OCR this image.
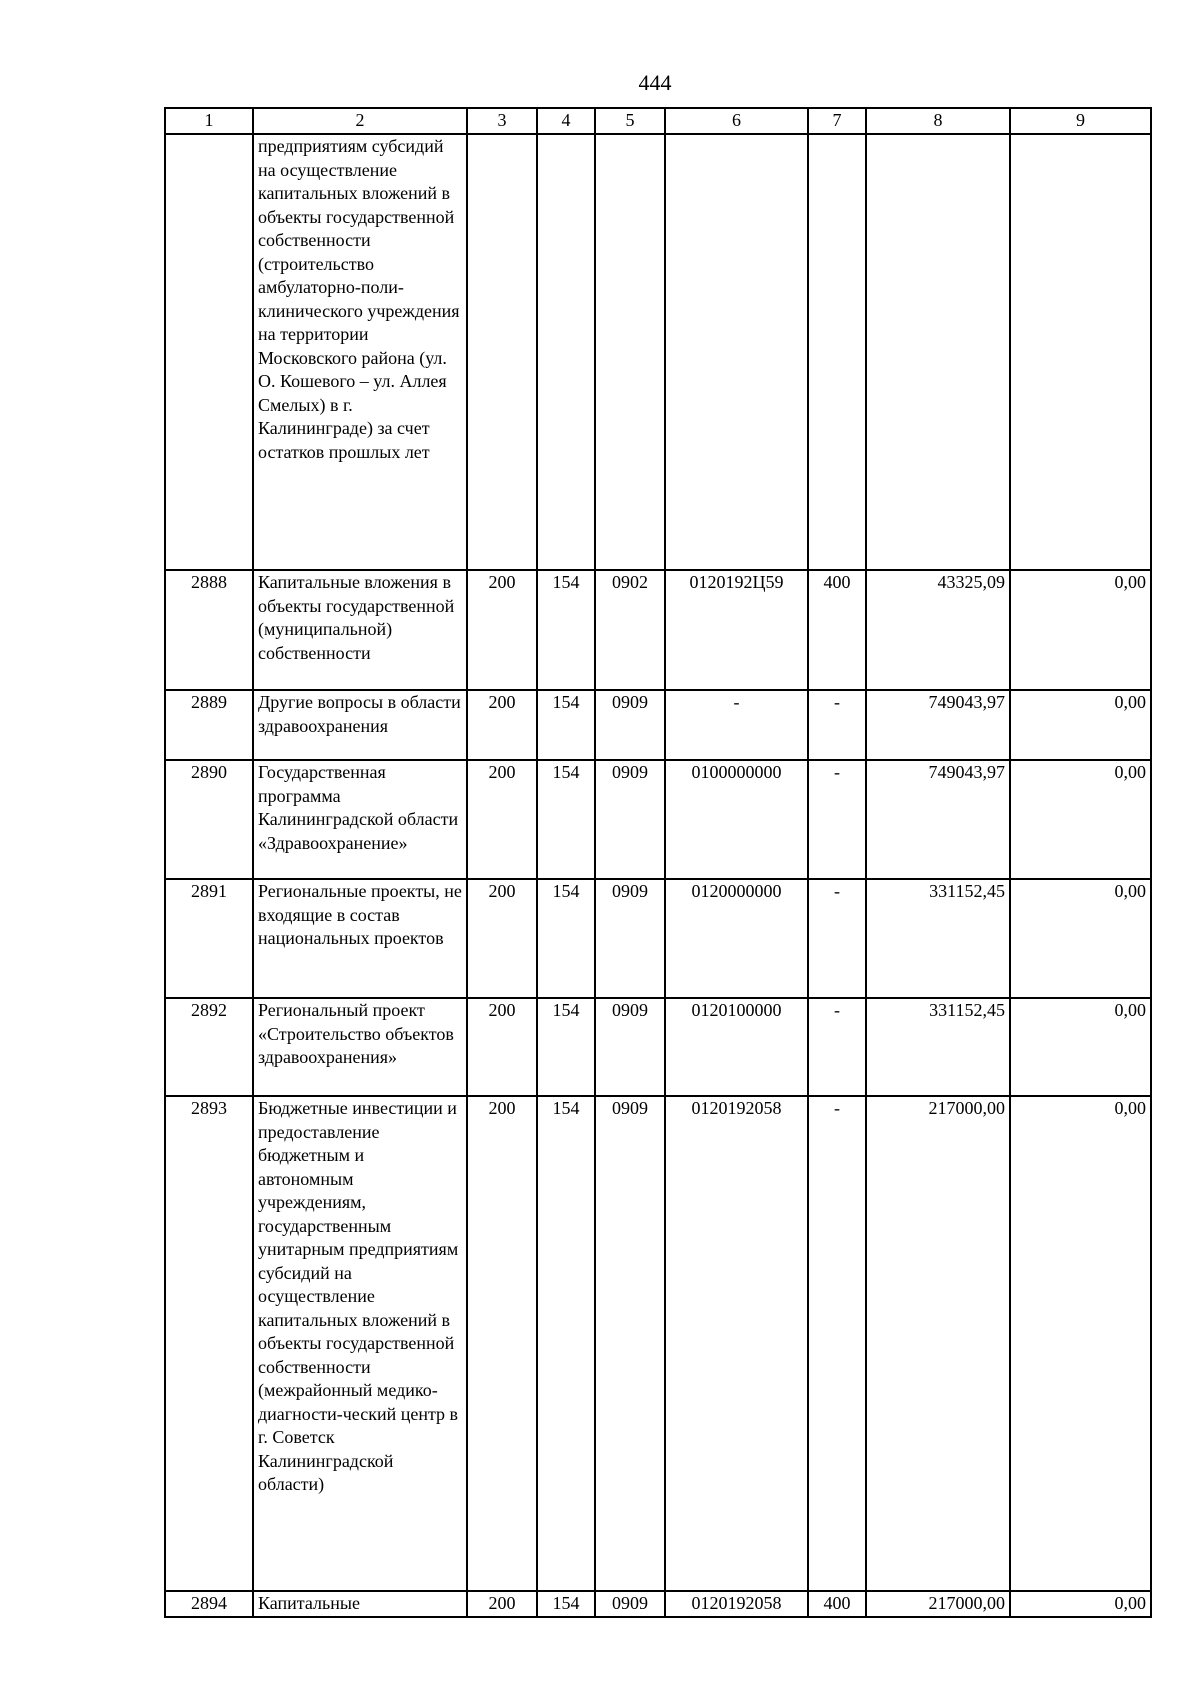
444
1	2	3	4	5	6	7	8	9
	предприятиям субсидий на осуществление капитальных вложений в объекты государственной собственности (строительство амбулаторно-поли-клинического учреждения на территории Московского района (ул. О. Кошевого – ул. Аллея Смелых) в г. Калининграде) за счет остатков прошлых лет							
2888	Капитальные вложения в объекты государственной (муниципальной) собственности	200	154	0902	0120192Ц59	400	43325,09	0,00
2889	Другие вопросы в области здравоохранения	200	154	0909	-	-	749043,97	0,00
2890	Государственная программа Калининградской области «Здравоохранение»	200	154	0909	0100000000	-	749043,97	0,00
2891	Региональные проекты, не входящие в состав национальных проектов	200	154	0909	0120000000	-	331152,45	0,00
2892	Региональный проект «Строительство объектов здравоохранения»	200	154	0909	0120100000	-	331152,45	0,00
2893	Бюджетные инвестиции и предоставление бюджетным и автономным учреждениям, государственным унитарным предприятиям субсидий на осуществление капитальных вложений в объекты государственной собственности (межрайонный медико-диагности-ческий центр в г. Советск Калининградской области)	200	154	0909	0120192058	-	217000,00	0,00
2894	Капитальные	200	154	0909	0120192058	400	217000,00	0,00
